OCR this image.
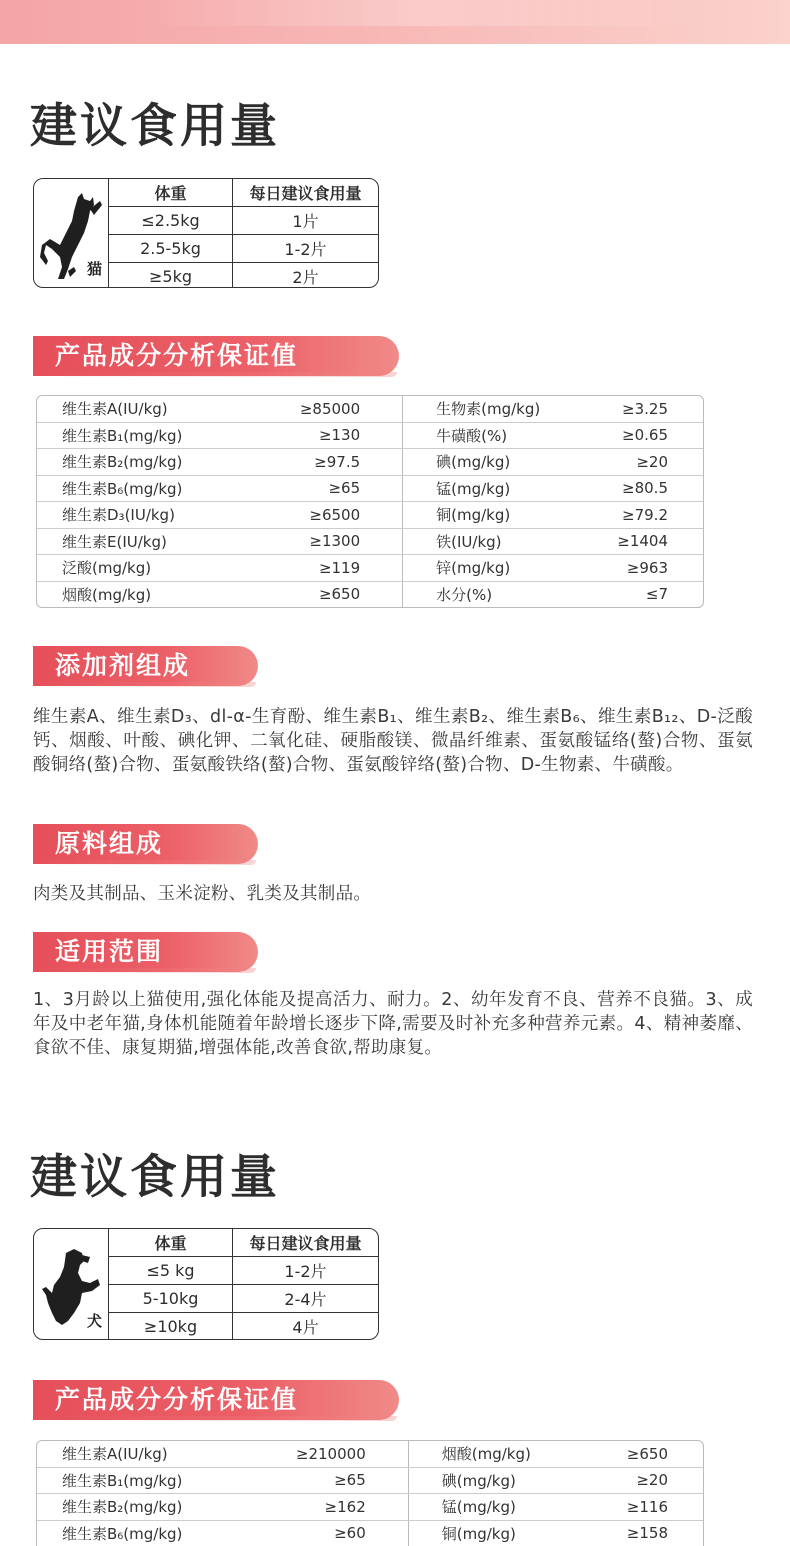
建议食用量
猫
体重	每日建议食用量
≤2.5kg	1片
2.5-5kg	1-2片
≥5kg	2片
产品成分分析保证值
维生素A(IU/kg)	≥85000	生物素(mg/kg)	≥3.25
维生素B₁(mg/kg)	≥130	牛磺酸(%)	≥0.65
维生素B₂(mg/kg)	≥97.5	碘(mg/kg)	≥20
维生素B₆(mg/kg)	≥65	锰(mg/kg)	≥80.5
维生素D₃(IU/kg)	≥6500	铜(mg/kg)	≥79.2
维生素E(IU/kg)	≥1300	铁(IU/kg)	≥1404
泛酸(mg/kg)	≥119	锌(mg/kg)	≥963
烟酸(mg/kg)	≥650	水分(%)	≤7
添加剂组成
维生素A、维生素D₃、dl-α-生育酚、维生素B₁、维生素B₂、维生素B₆、维生素B₁₂、D-泛酸钙、烟酸、叶酸、碘化钾、二氧化硅、硬脂酸镁、微晶纤维素、蛋氨酸锰络(螯)合物、蛋氨酸铜络(螯)合物、蛋氨酸铁络(螯)合物、蛋氨酸锌络(螯)合物、D-生物素、牛磺酸。
原料组成
肉类及其制品、玉米淀粉、乳类及其制品。
适用范围
1、3月龄以上猫使用,强化体能及提高活力、耐力。2、幼年发育不良、营养不良猫。3、成年及中老年猫,身体机能随着年龄增长逐步下降,需要及时补充多种营养元素。4、精神萎靡、食欲不佳、康复期猫,增强体能,改善食欲,帮助康复。
建议食用量
犬
体重	每日建议食用量
≤5 kg	1-2片
5-10kg	2-4片
≥10kg	4片
产品成分分析保证值
维生素A(IU/kg)	≥210000	烟酸(mg/kg)	≥650
维生素B₁(mg/kg)	≥65	碘(mg/kg)	≥20
维生素B₂(mg/kg)	≥162	锰(mg/kg)	≥116
维生素B₆(mg/kg)	≥60	铜(mg/kg)	≥158
